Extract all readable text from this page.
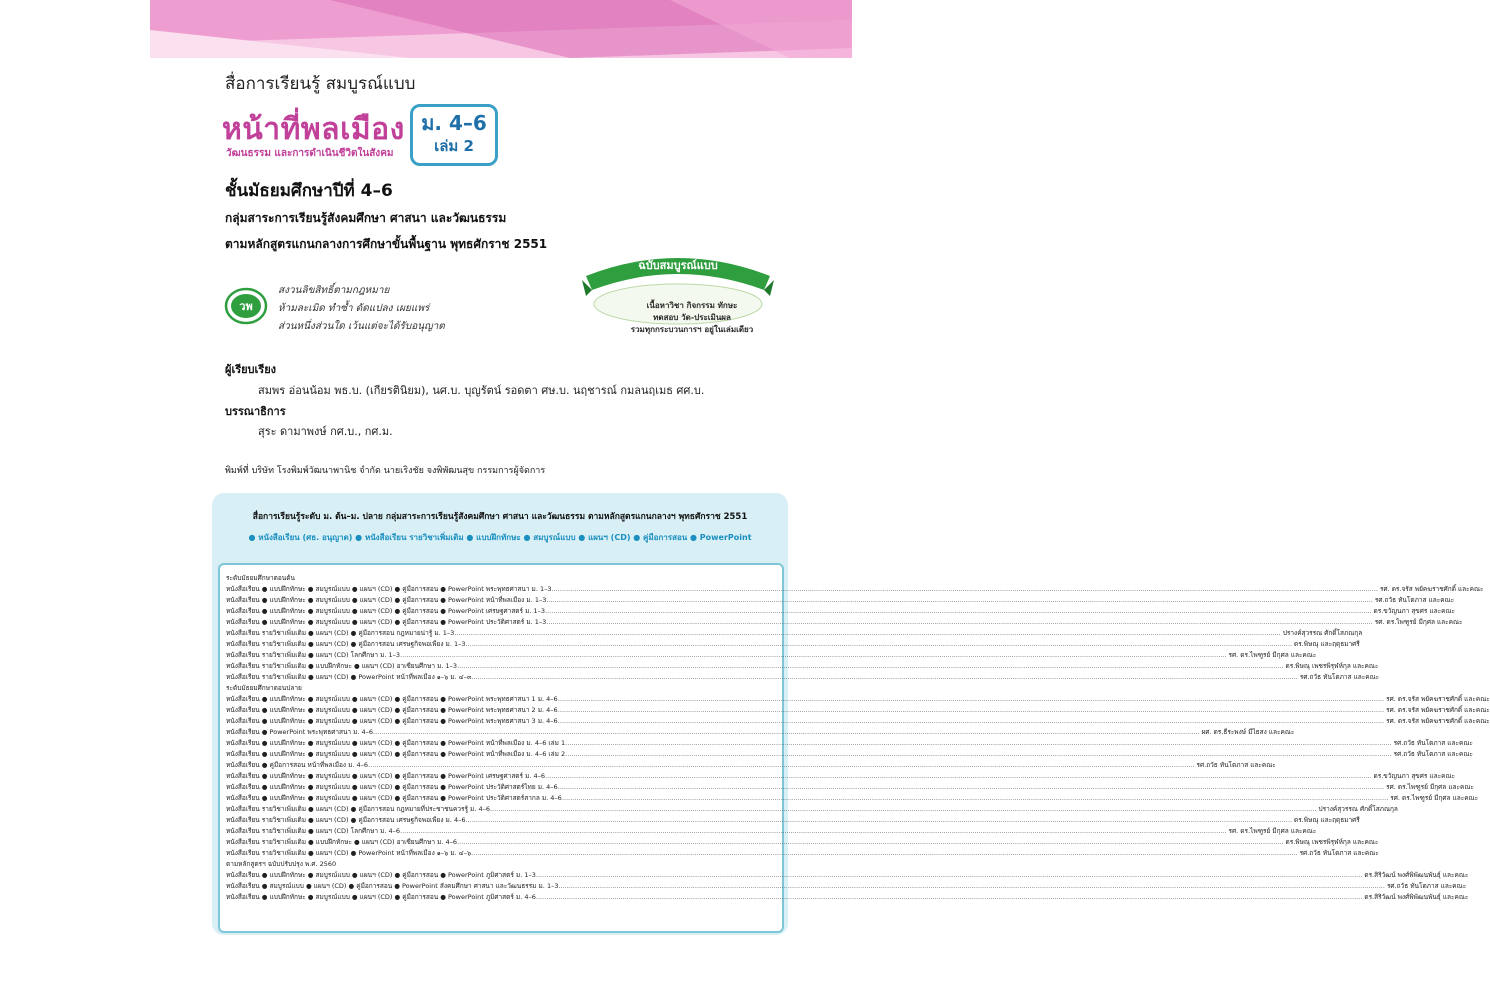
สื่อการเรียนรู้ สมบูรณ์แบบ
หน้าที่พลเมือง
วัฒนธรรม และการดำเนินชีวิตในสังคม
ม. 4–6
เล่ม 2
ชั้นมัธยมศึกษาปีที่ 4–6
กลุ่มสาระการเรียนรู้สังคมศึกษา ศาสนา และวัฒนธรรม
ตามหลักสูตรแกนกลางการศึกษาขั้นพื้นฐาน พุทธศักราช 2551
วพ
สงวนลิขสิทธิ์ตามกฎหมาย
ห้ามละเมิด ทำซ้ำ ดัดแปลง เผยแพร่
ส่วนหนึ่งส่วนใด เว้นแต่จะได้รับอนุญาต
ฉบับสมบูรณ์แบบ
เนื้อหาวิชา กิจกรรม ทักษะ
ทดสอบ วัด-ประเมินผล
รวมทุกกระบวนการฯ อยู่ในเล่มเดียว
ผู้เรียบเรียง
สมพร อ่อนน้อม พธ.บ. (เกียรตินิยม), นศ.บ. บุญรัตน์ รอดตา ศษ.บ. นฤชารณ์ กมลนฤเมธ ศศ.บ.
บรรณาธิการ
สุระ ดามาพงษ์ กศ.บ., กศ.ม.
พิมพ์ที่ บริษัท โรงพิมพ์วัฒนาพานิช จำกัด นายเริงชัย จงพิพัฒนสุข กรรมการผู้จัดการ
สื่อการเรียนรู้ระดับ ม. ต้น–ม. ปลาย กลุ่มสาระการเรียนรู้สังคมศึกษา ศาสนา และวัฒนธรรม ตามหลักสูตรแกนกลางฯ พุทธศักราช 2551
● หนังสือเรียน (ศธ. อนุญาต) ● หนังสือเรียน รายวิชาเพิ่มเติม ● แบบฝึกทักษะ ● สมบูรณ์แบบ ● แผนฯ (CD) ● คู่มือการสอน ● PowerPoint
ระดับมัธยมศึกษาตอนต้น
หนังสือเรียน ● แบบฝึกทักษะ ● สมบูรณ์แบบ ● แผนฯ (CD) ● คู่มือการสอน ● PowerPoint พระพุทธศาสนา ม. 1–3 ................................................................................................................................................................................................................................................................................................................................................................................................................ รศ. ดร.จรัส พยัคฆราชศักดิ์ และคณะ
หนังสือเรียน ● แบบฝึกทักษะ ● สมบูรณ์แบบ ● แผนฯ (CD) ● คู่มือการสอน ● PowerPoint หน้าที่พลเมือง ม. 1–3 ................................................................................................................................................................................................................................................................................................................................................................................................................ รศ.ถวัธ ทันโตภาส และคณะ
หนังสือเรียน ● แบบฝึกทักษะ ● สมบูรณ์แบบ ● แผนฯ (CD) ● คู่มือการสอน ● PowerPoint เศรษฐศาสตร์ ม. 1–3 ................................................................................................................................................................................................................................................................................................................................................................................................................ ดร.ขวัญนภา สุขศร และคณะ
หนังสือเรียน ● แบบฝึกทักษะ ● สมบูรณ์แบบ ● แผนฯ (CD) ● คู่มือการสอน ● PowerPoint ประวัติศาสตร์ ม. 1–3 ................................................................................................................................................................................................................................................................................................................................................................................................................ รศ. ดร.ไพฑูรย์ มีกุศล และคณะ
หนังสือเรียน รายวิชาเพิ่มเติม ● แผนฯ (CD) ● คู่มือการสอน กฎหมายน่ารู้ ม. 1–3 ................................................................................................................................................................................................................................................................................................................................................................................................................ ปรางค์สุวรรณ ศักดิ์โสภณกุล
หนังสือเรียน รายวิชาเพิ่มเติม ● แผนฯ (CD) ● คู่มือการสอน เศรษฐกิจพอเพียง ม. 1–3 ................................................................................................................................................................................................................................................................................................................................................................................................................ ดร.พิษณุ และฤดุธมาศรี
หนังสือเรียน รายวิชาเพิ่มเติม ● แผนฯ (CD) โลกศึกษา ม. 1–3 ................................................................................................................................................................................................................................................................................................................................................................................................................ รศ. ดร.ไพฑูรย์ มีกุศล และคณะ
หนังสือเรียน รายวิชาเพิ่มเติม ● แบบฝึกทักษะ ● แผนฯ (CD) อาเซียนศึกษา ม. 1–3 ................................................................................................................................................................................................................................................................................................................................................................................................................ ดร.พิษณุ เพชรพิรุฬห์กุล และคณะ
หนังสือเรียน รายวิชาเพิ่มเติม ● แผนฯ (CD) ● PowerPoint หน้าที่พลเมือง ๑–๖ ม. ๔–๓ ................................................................................................................................................................................................................................................................................................................................................................................................................ รศ.ถวัธ ทันโตภาส และคณะ
ระดับมัธยมศึกษาตอนปลาย
หนังสือเรียน ● แบบฝึกทักษะ ● สมบูรณ์แบบ ● แผนฯ (CD) ● คู่มือการสอน ● PowerPoint พระพุทธศาสนา 1 ม. 4–6 ................................................................................................................................................................................................................................................................................................................................................................................................................ รศ. ดร.จรัส พยัคฆราชศักดิ์ และคณะ
หนังสือเรียน ● แบบฝึกทักษะ ● สมบูรณ์แบบ ● แผนฯ (CD) ● คู่มือการสอน ● PowerPoint พระพุทธศาสนา 2 ม. 4–6 ................................................................................................................................................................................................................................................................................................................................................................................................................ รศ. ดร.จรัส พยัคฆราชศักดิ์ และคณะ
หนังสือเรียน ● แบบฝึกทักษะ ● สมบูรณ์แบบ ● แผนฯ (CD) ● คู่มือการสอน ● PowerPoint พระพุทธศาสนา 3 ม. 4–6 ................................................................................................................................................................................................................................................................................................................................................................................................................ รศ. ดร.จรัส พยัคฆราชศักดิ์ และคณะ
หนังสือเรียน ● PowerPoint พระพุทธศาสนา ม. 4–6 ................................................................................................................................................................................................................................................................................................................................................................................................................ ผศ. ดร.ธีระพงษ์ มีไธสง และคณะ
หนังสือเรียน ● แบบฝึกทักษะ ● สมบูรณ์แบบ ● แผนฯ (CD) ● คู่มือการสอน ● PowerPoint หน้าที่พลเมือง ม. 4–6 เล่ม 1 ................................................................................................................................................................................................................................................................................................................................................................................................................ รศ.ถวัธ ทันโตภาส และคณะ
หนังสือเรียน ● แบบฝึกทักษะ ● สมบูรณ์แบบ ● แผนฯ (CD) ● คู่มือการสอน ● PowerPoint หน้าที่พลเมือง ม. 4–6 เล่ม 2 ................................................................................................................................................................................................................................................................................................................................................................................................................ รศ.ถวัธ ทันโตภาส และคณะ
หนังสือเรียน ● คู่มือการสอน หน้าที่พลเมือง ม. 4–6 ................................................................................................................................................................................................................................................................................................................................................................................................................ รศ.ถวัธ ทันโตภาส และคณะ
หนังสือเรียน ● แบบฝึกทักษะ ● สมบูรณ์แบบ ● แผนฯ (CD) ● คู่มือการสอน ● PowerPoint เศรษฐศาสตร์ ม. 4–6 ................................................................................................................................................................................................................................................................................................................................................................................................................ ดร.ขวัญนภา สุขศร และคณะ
หนังสือเรียน ● แบบฝึกทักษะ ● สมบูรณ์แบบ ● แผนฯ (CD) ● คู่มือการสอน ● PowerPoint ประวัติศาสตร์ไทย ม. 4–6 ................................................................................................................................................................................................................................................................................................................................................................................................................ รศ. ดร.ไพฑูรย์ มีกุศล และคณะ
หนังสือเรียน ● แบบฝึกทักษะ ● สมบูรณ์แบบ ● แผนฯ (CD) ● คู่มือการสอน ● PowerPoint ประวัติศาสตร์สากล ม. 4–6 ................................................................................................................................................................................................................................................................................................................................................................................................................ รศ. ดร.ไพฑูรย์ มีกุศล และคณะ
หนังสือเรียน รายวิชาเพิ่มเติม ● แผนฯ (CD) ● คู่มือการสอน กฎหมายที่ประชาชนควรรู้ ม. 4–6 ................................................................................................................................................................................................................................................................................................................................................................................................................ ปรางค์สุวรรณ ศักดิ์โสภณกุล
หนังสือเรียน รายวิชาเพิ่มเติม ● แผนฯ (CD) ● คู่มือการสอน เศรษฐกิจพอเพียง ม. 4–6 ................................................................................................................................................................................................................................................................................................................................................................................................................ ดร.พิษณุ และฤดุธมาศรี
หนังสือเรียน รายวิชาเพิ่มเติม ● แผนฯ (CD) โลกศึกษา ม. 4–6 ................................................................................................................................................................................................................................................................................................................................................................................................................ รศ. ดร.ไพฑูรย์ มีกุศล และคณะ
หนังสือเรียน รายวิชาเพิ่มเติม ● แบบฝึกทักษะ ● แผนฯ (CD) อาเซียนศึกษา ม. 4–6 ................................................................................................................................................................................................................................................................................................................................................................................................................ ดร.พิษณุ เพชรพิรุฬห์กุล และคณะ
หนังสือเรียน รายวิชาเพิ่มเติม ● แผนฯ (CD) ● PowerPoint หน้าที่พลเมือง ๑–๖ ม. ๔–๖ ................................................................................................................................................................................................................................................................................................................................................................................................................ รศ.ถวัธ ทันโตภาส และคณะ
ตามหลักสูตรฯ ฉบับปรับปรุง พ.ศ. 2560
หนังสือเรียน ● แบบฝึกทักษะ ● สมบูรณ์แบบ ● แผนฯ (CD) ● คู่มือการสอน ● PowerPoint ภูมิศาสตร์ ม. 1–3 ................................................................................................................................................................................................................................................................................................................................................................................................................ ดร.สิริวัฒน์ พงศ์พิพัฒนพันธุ์ และคณะ
หนังสือเรียน ● สมบูรณ์แบบ ● แผนฯ (CD) ● คู่มือการสอน ● PowerPoint สังคมศึกษา ศาสนา และวัฒนธรรม ม. 1–3 ................................................................................................................................................................................................................................................................................................................................................................................................................ รศ.ถวัธ ทันโตภาส และคณะ
หนังสือเรียน ● แบบฝึกทักษะ ● สมบูรณ์แบบ ● แผนฯ (CD) ● คู่มือการสอน ● PowerPoint ภูมิศาสตร์ ม. 4–6 ................................................................................................................................................................................................................................................................................................................................................................................................................ ดร.สิริวัฒน์ พงศ์พิพัฒนพันธุ์ และคณะ
